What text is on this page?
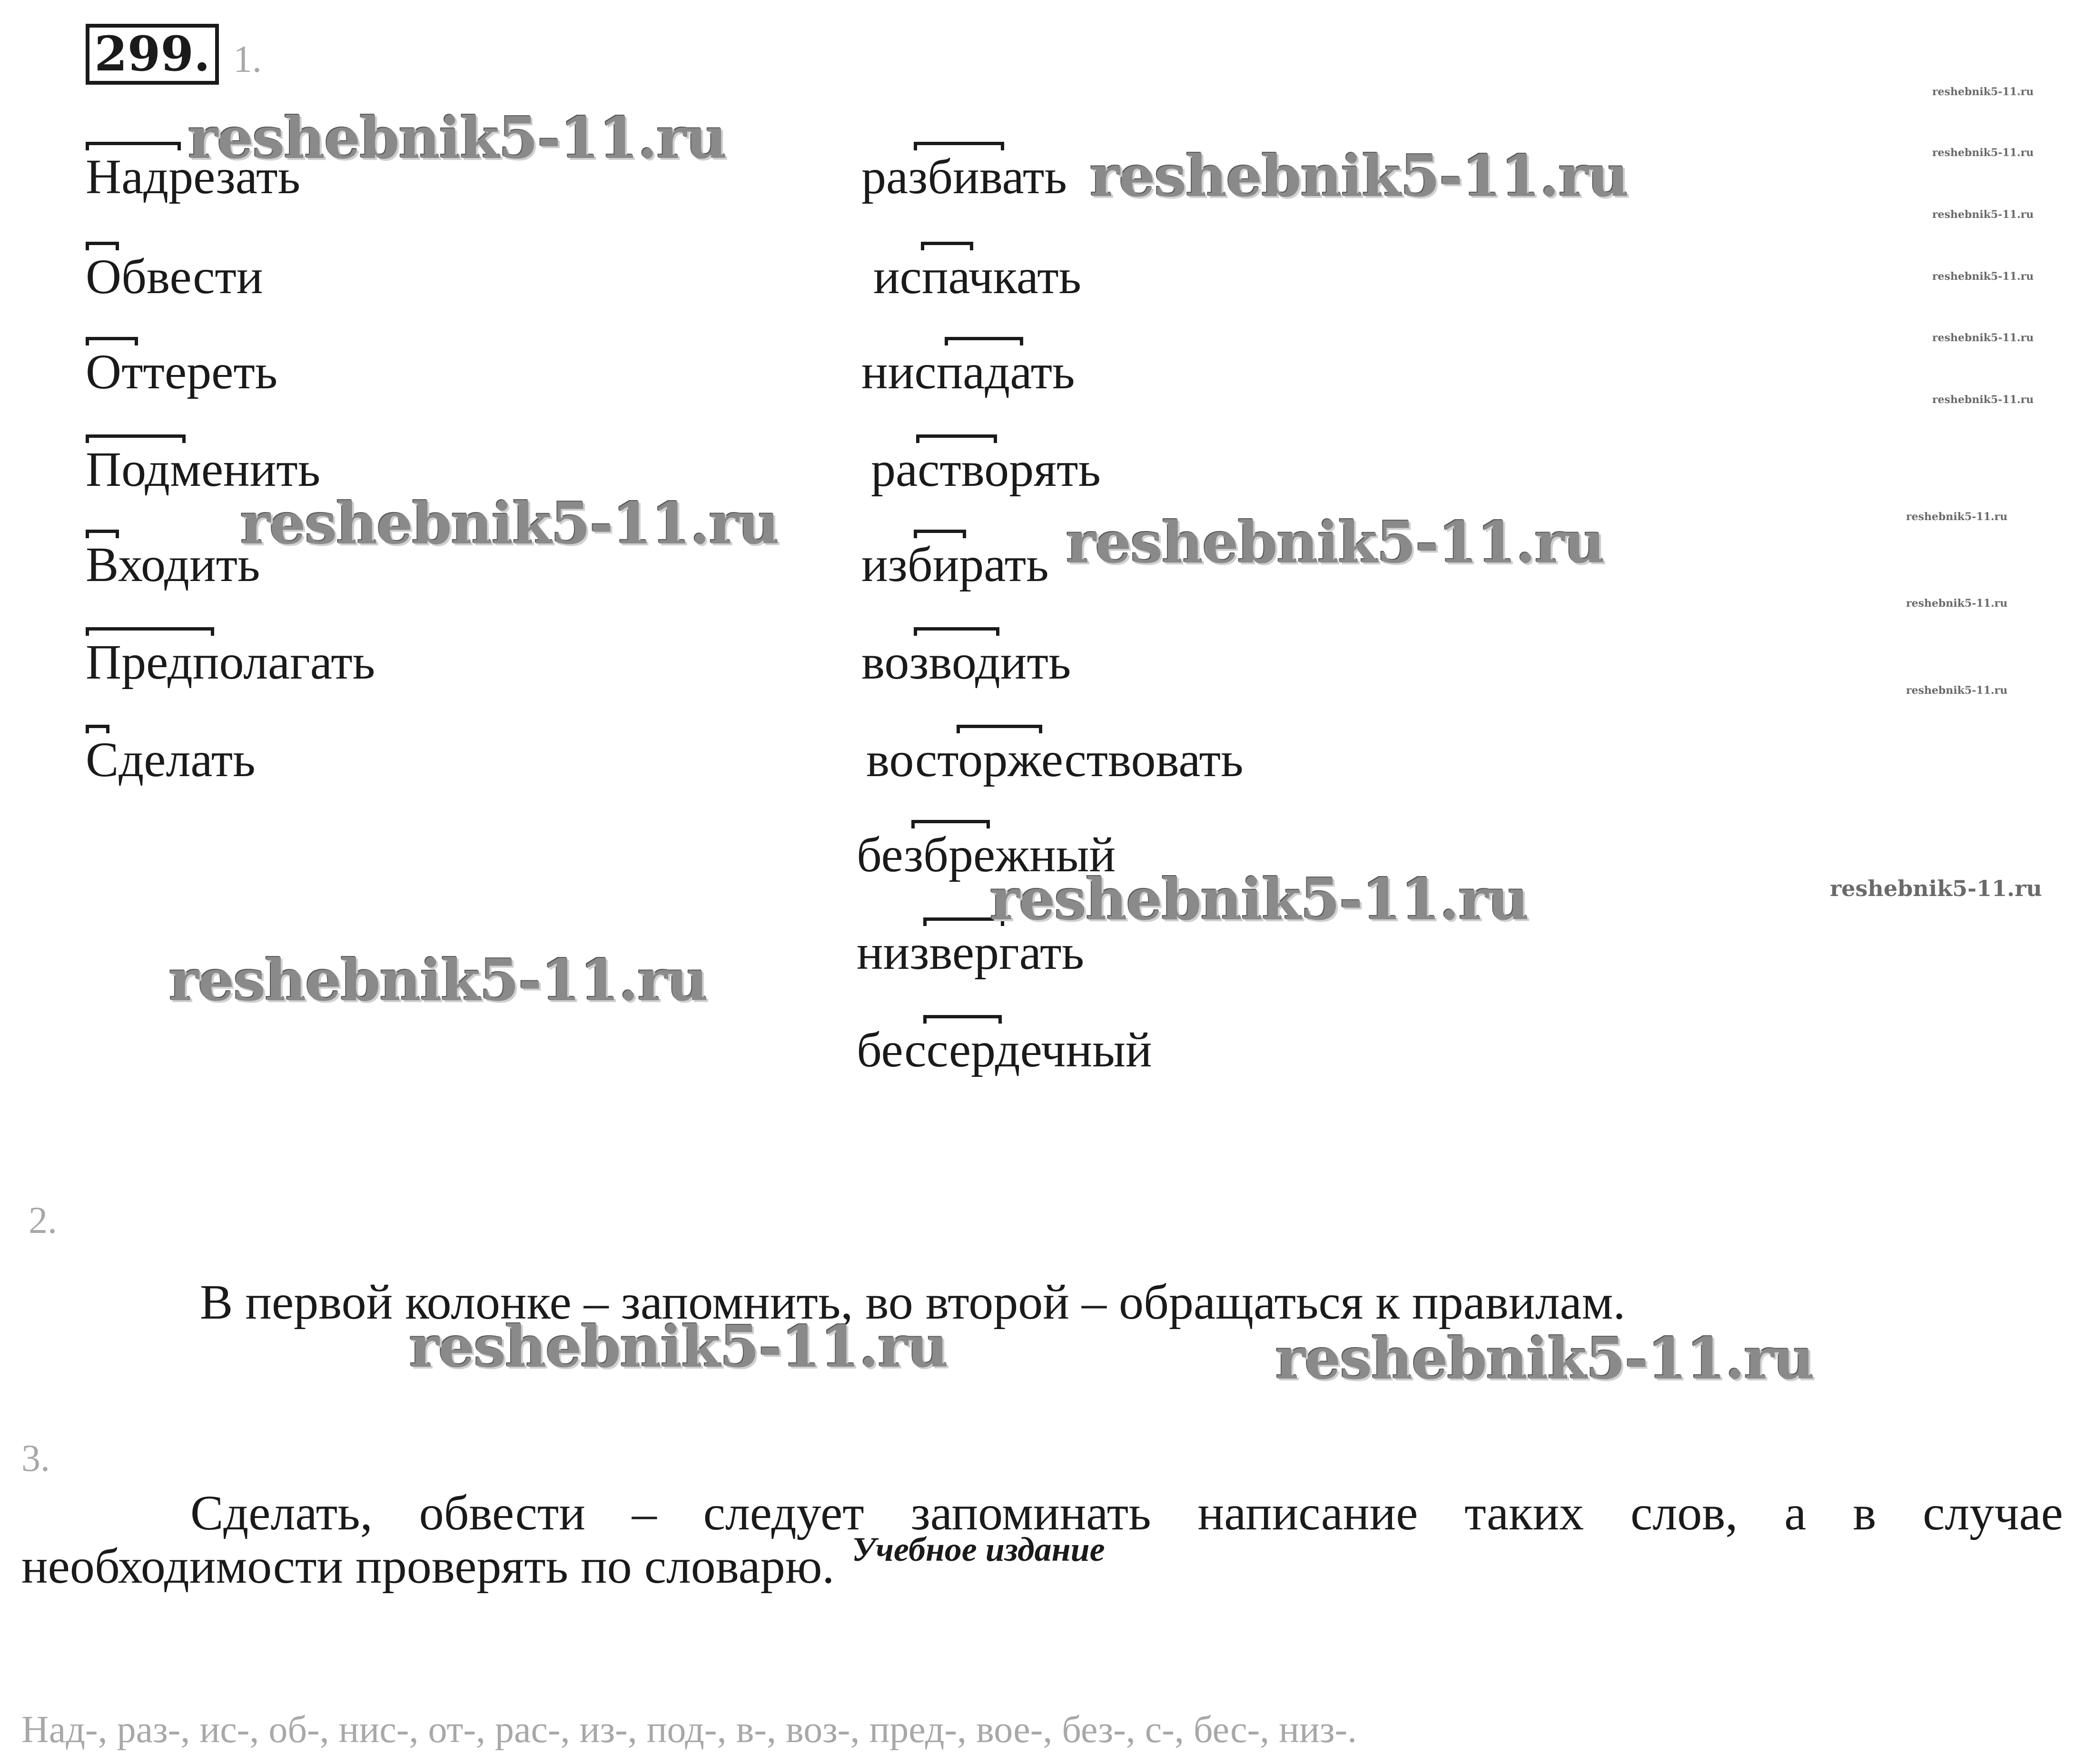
299. 1.
Надрезать
Обвести
Оттереть
Подменить
Входить
Предполагать
Сделать
разбивать
испачкать
ниспадать
растворять
избирать
возводить
восторжествовать
безбрежный
низвергать
бессердечный
2.
В первой колонке – запомнить, во второй – обращаться к правилам.
3.
Сделать, обвести – следует запоминать написание таких слов, а в случае
необходимости проверять по словарю. Учебное издание
Над-, раз-, ис-, об-, нис-, от-, рас-, из-, под-, в-, воз-, пред-, вое-, без-, с-, бес-, низ-.
reshebnik5-11.ru
reshebnik5-11.ru
reshebnik5-11.ru	reshebnik5-11.ru
reshebnik5-11.ru
reshebnik5-11.ru
reshebnik5-11.ru	reshebnik5-11.ru
reshebnik5-11.ru
reshebnik5-11.ru
reshebnik5-11.ru
reshebnik5-11.ru
reshebnik5-11.ru
reshebnik5-11.ru
reshebnik5-11.ru
reshebnik5-11.ru
reshebnik5-11.ru
reshebnik5-11.ru
